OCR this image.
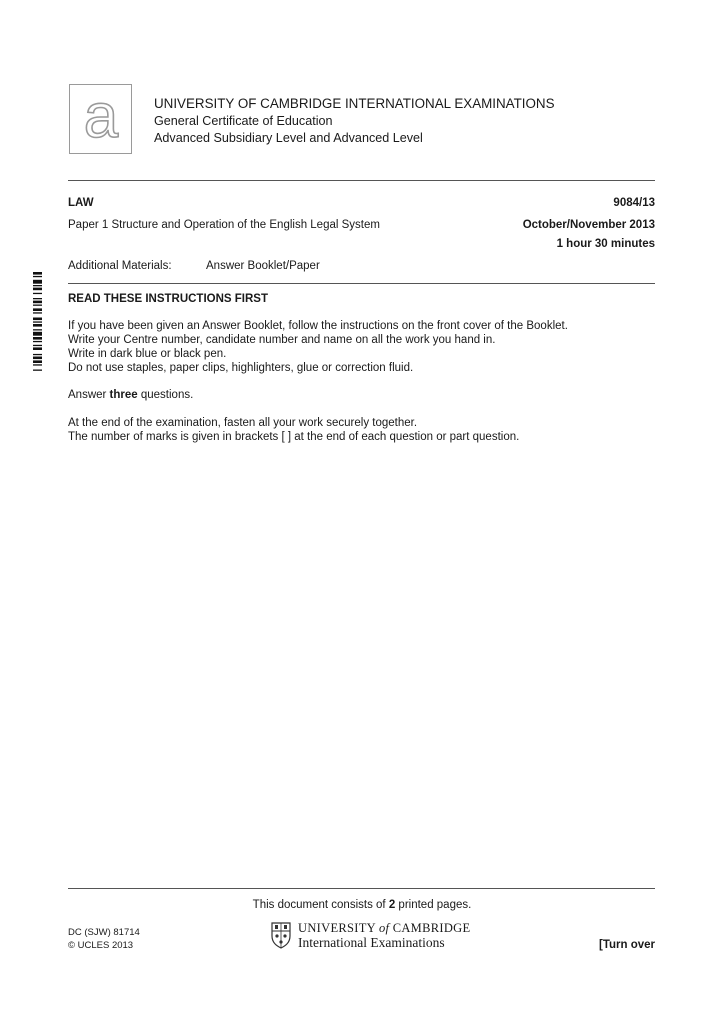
a	UNIVERSITY OF CAMBRIDGE INTERNATIONAL EXAMINATIONS
General Certificate of Education
Advanced Subsidiary Level and Advanced Level
LAW	9084/13
Paper 1 Structure and Operation of the English Legal System	October/November 2013
1 hour 30 minutes
Additional Materials:	Answer Booklet/Paper
READ THESE INSTRUCTIONS FIRST
If you have been given an Answer Booklet, follow the instructions on the front cover of the Booklet.
Write your Centre number, candidate number and name on all the work you hand in.
Write in dark blue or black pen.
Do not use staples, paper clips, highlighters, glue or correction fluid.
Answer three questions.
At the end of the examination, fasten all your work securely together.
The number of marks is given in brackets [ ] at the end of each question or part question.
This document consists of 2 printed pages.
DC (SJW) 81714
© UCLES 2013
UNIVERSITY of CAMBRIDGE
International Examinations	[Turn over
